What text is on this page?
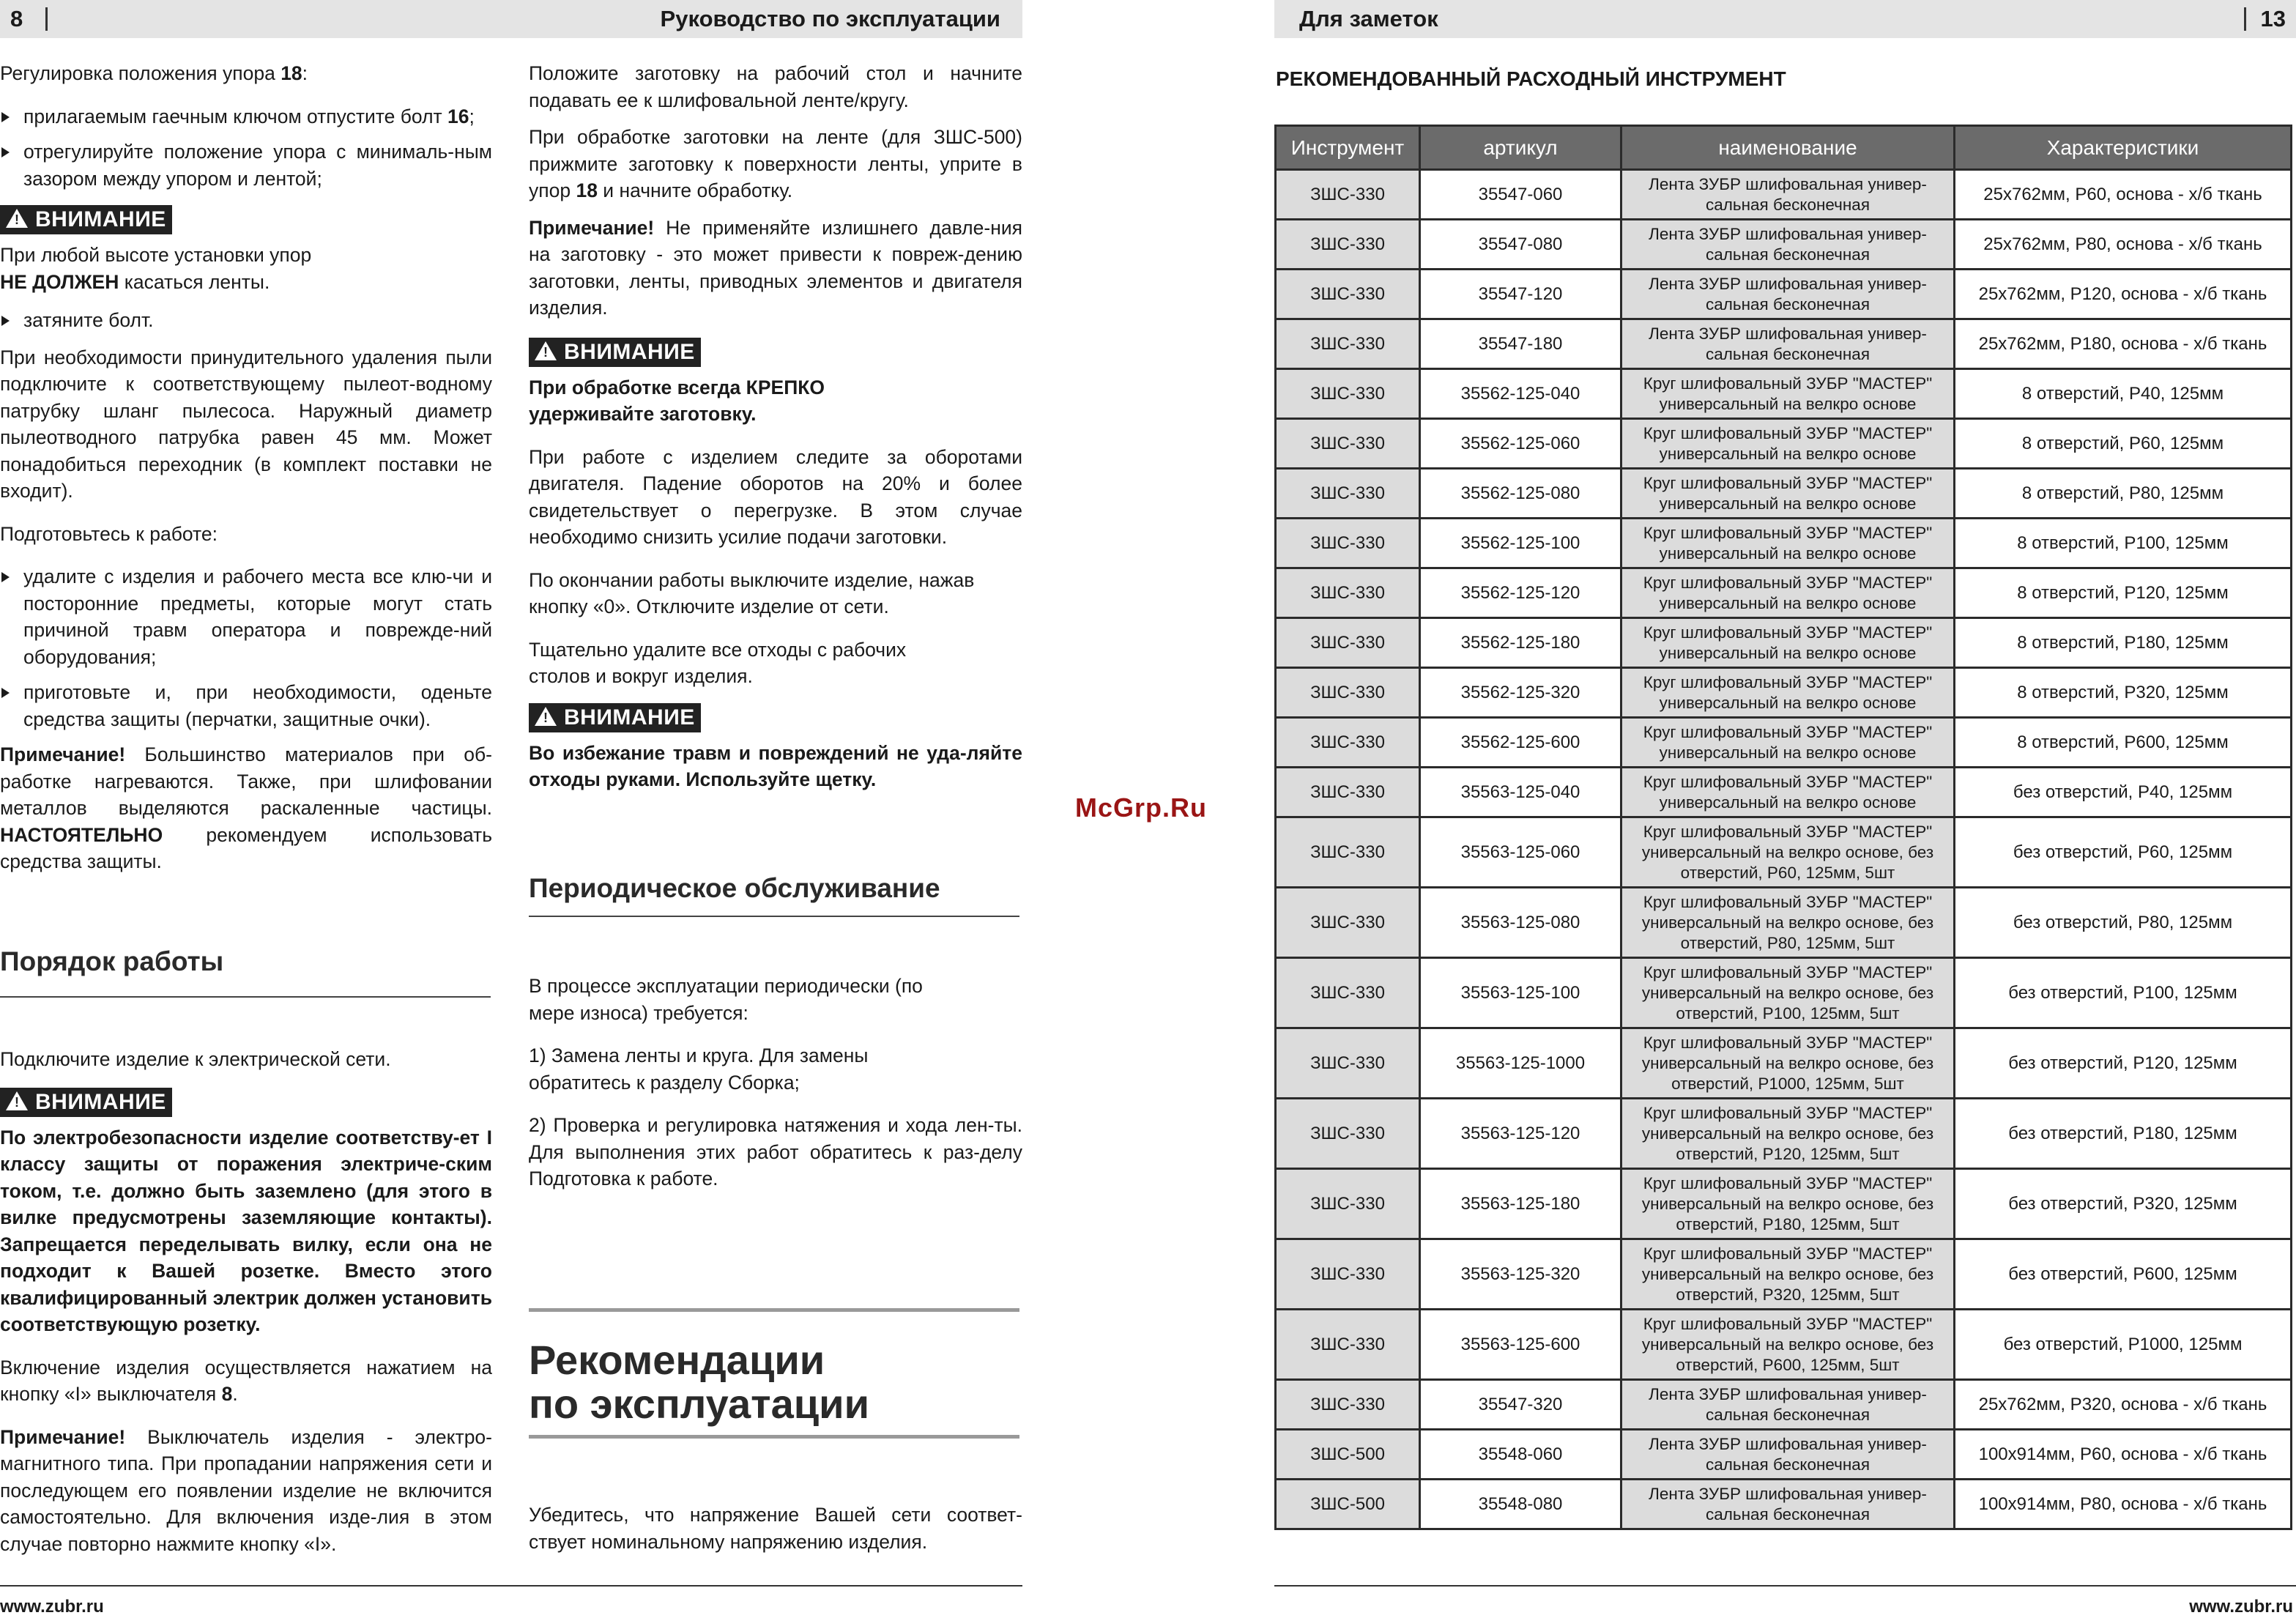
8	Руководство по эксплуатации

Регулировка положения упора 18:

прилагаемым гаечным ключом отпустите болт 16;
отрегулируйте положение упора с минималь-ным зазором между упором и лентой;
! ВНИМАНИЕ

При любой высоте установки упор
НЕ ДОЛЖЕН касаться ленты.

затяните болт.

При необходимости принудительного удаления пыли подключите к соответствующему пылеот-водному патрубку шланг пылесоса. Наружный диаметр пылеотводного патрубка равен 45 мм. Может понадобиться переходник (в комплект поставки не входит).

Подготовьтесь к работе:

удалите с изделия и рабочего места все клю-чи и посторонние предметы, которые могут стать причиной травм оператора и поврежде-ний оборудования;
приготовьте и, при необходимости, оденьте средства защиты (перчатки, защитные очки).

Примечание! Большинство материалов при об-работке нагреваются. Также, при шлифовании металлов выделяются раскаленные частицы. НАСТОЯТЕЛЬНО рекомендуем использовать средства защиты.

Порядок работы

Подключите изделие к электрической сети.

! ВНИМАНИЕ

По электробезопасности изделие соответству-ет I классу защиты от поражения электриче-ским током, т.е. должно быть заземлено (для этого в вилке предусмотрены заземляющие контакты). Запрещается переделывать вилку, если она не подходит к Вашей розетке. Вместо этого квалифицированный электрик должен установить соответствующую розетку.

Включение изделия осуществляется нажатием на кнопку «I» выключателя 8.

Примечание! Выключатель изделия - электро-магнитного типа. При пропадании напряжения сети и последующем его появлении изделие не включится самостоятельно. Для включения изде-лия в этом случае повторно нажмите кнопку «I».

Положите заготовку на рабочий стол и начните подавать ее к шлифовальной ленте/кругу.

При обработке заготовки на ленте (для ЗШС-500) прижмите заготовку к поверхности ленты, уприте в упор 18 и начните обработку.

Примечание! Не применяйте излишнего давле-ния на заготовку - это может привести к повреж-дению заготовки, ленты, приводных элементов и двигателя изделия.

! ВНИМАНИЕ

При обработке всегда КРЕПКО удерживайте заготовку.

При работе с изделием следите за оборотами двигателя. Падение оборотов на 20% и более свидетельствует о перегрузке. В этом случае необходимо снизить усилие подачи заготовки.

По окончании работы выключите изделие, нажав кнопку «0». Отключите изделие от сети.

Тщательно удалите все отходы с рабочих столов и вокруг изделия.

! ВНИМАНИЕ

Во избежание травм и повреждений не уда-ляйте отходы руками. Используйте щетку.

Периодическое обслуживание

В процессе эксплуатации периодически (по мере износа) требуется:

1) Замена ленты и круга. Для замены обратитесь к разделу Сборка;

2) Проверка и регулировка натяжения и хода лен-ты. Для выполнения этих работ обратитесь к раз-делу Подготовка к работе.

Рекомендации
по эксплуатации

Убедитесь, что напряжение Вашей сети соответ-ствует номинальному напряжению изделия.

www.zubr.ru
McGrp.Ru
Для заметок	13
РЕКОМЕНДОВАННЫЙ РАСХОДНЫЙ ИНСТРУМЕНТ
Инструмент	артикул	наименование	Характеристики
ЗШС-330	35547-060	Лента ЗУБР шлифовальная универ-сальная бесконечная	25х762мм, P60, основа - х/б ткань
ЗШС-330	35547-080	Лента ЗУБР шлифовальная универ-сальная бесконечная	25х762мм, P80, основа - х/б ткань
ЗШС-330	35547-120	Лента ЗУБР шлифовальная универ-сальная бесконечная	25х762мм, P120, основа - х/б ткань
ЗШС-330	35547-180	Лента ЗУБР шлифовальная универ-сальная бесконечная	25х762мм, P180, основа - х/б ткань
ЗШС-330	35562-125-040	Круг шлифовальный ЗУБР "МАСТЕР" универсальный на велкро основе	8 отверстий, P40, 125мм
ЗШС-330	35562-125-060	Круг шлифовальный ЗУБР "МАСТЕР" универсальный на велкро основе	8 отверстий, P60, 125мм
ЗШС-330	35562-125-080	Круг шлифовальный ЗУБР "МАСТЕР" универсальный на велкро основе	8 отверстий, P80, 125мм
ЗШС-330	35562-125-100	Круг шлифовальный ЗУБР "МАСТЕР" универсальный на велкро основе	8 отверстий, P100, 125мм
ЗШС-330	35562-125-120	Круг шлифовальный ЗУБР "МАСТЕР" универсальный на велкро основе	8 отверстий, P120, 125мм
ЗШС-330	35562-125-180	Круг шлифовальный ЗУБР "МАСТЕР" универсальный на велкро основе	8 отверстий, P180, 125мм
ЗШС-330	35562-125-320	Круг шлифовальный ЗУБР "МАСТЕР" универсальный на велкро основе	8 отверстий, P320, 125мм
ЗШС-330	35562-125-600	Круг шлифовальный ЗУБР "МАСТЕР" универсальный на велкро основе	8 отверстий, P600, 125мм
ЗШС-330	35563-125-040	Круг шлифовальный ЗУБР "МАСТЕР" универсальный на велкро основе	без отверстий, P40, 125мм
ЗШС-330	35563-125-060	Круг шлифовальный ЗУБР "МАСТЕР" универсальный на велкро основе, без отверстий, P60, 125мм, 5шт	без отверстий, P60, 125мм
ЗШС-330	35563-125-080	Круг шлифовальный ЗУБР "МАСТЕР" универсальный на велкро основе, без отверстий, P80, 125мм, 5шт	без отверстий, P80, 125мм
ЗШС-330	35563-125-100	Круг шлифовальный ЗУБР "МАСТЕР" универсальный на велкро основе, без отверстий, P100, 125мм, 5шт	без отверстий, P100, 125мм
ЗШС-330	35563-125-1000	Круг шлифовальный ЗУБР "МАСТЕР" универсальный на велкро основе, без отверстий, P1000, 125мм, 5шт	без отверстий, P120, 125мм
ЗШС-330	35563-125-120	Круг шлифовальный ЗУБР "МАСТЕР" универсальный на велкро основе, без отверстий, P120, 125мм, 5шт	без отверстий, P180, 125мм
ЗШС-330	35563-125-180	Круг шлифовальный ЗУБР "МАСТЕР" универсальный на велкро основе, без отверстий, P180, 125мм, 5шт	без отверстий, P320, 125мм
ЗШС-330	35563-125-320	Круг шлифовальный ЗУБР "МАСТЕР" универсальный на велкро основе, без отверстий, P320, 125мм, 5шт	без отверстий, P600, 125мм
ЗШС-330	35563-125-600	Круг шлифовальный ЗУБР "МАСТЕР" универсальный на велкро основе, без отверстий, P600, 125мм, 5шт	без отверстий, P1000, 125мм
ЗШС-330	35547-320	Лента ЗУБР шлифовальная универ-сальная бесконечная	25х762мм, P320, основа - х/б ткань
ЗШС-500	35548-060	Лента ЗУБР шлифовальная универ-сальная бесконечная	100х914мм, P60, основа - х/б ткань
ЗШС-500	35548-080	Лента ЗУБР шлифовальная универ-сальная бесконечная	100х914мм, P80, основа - х/б ткань
www.zubr.ru
